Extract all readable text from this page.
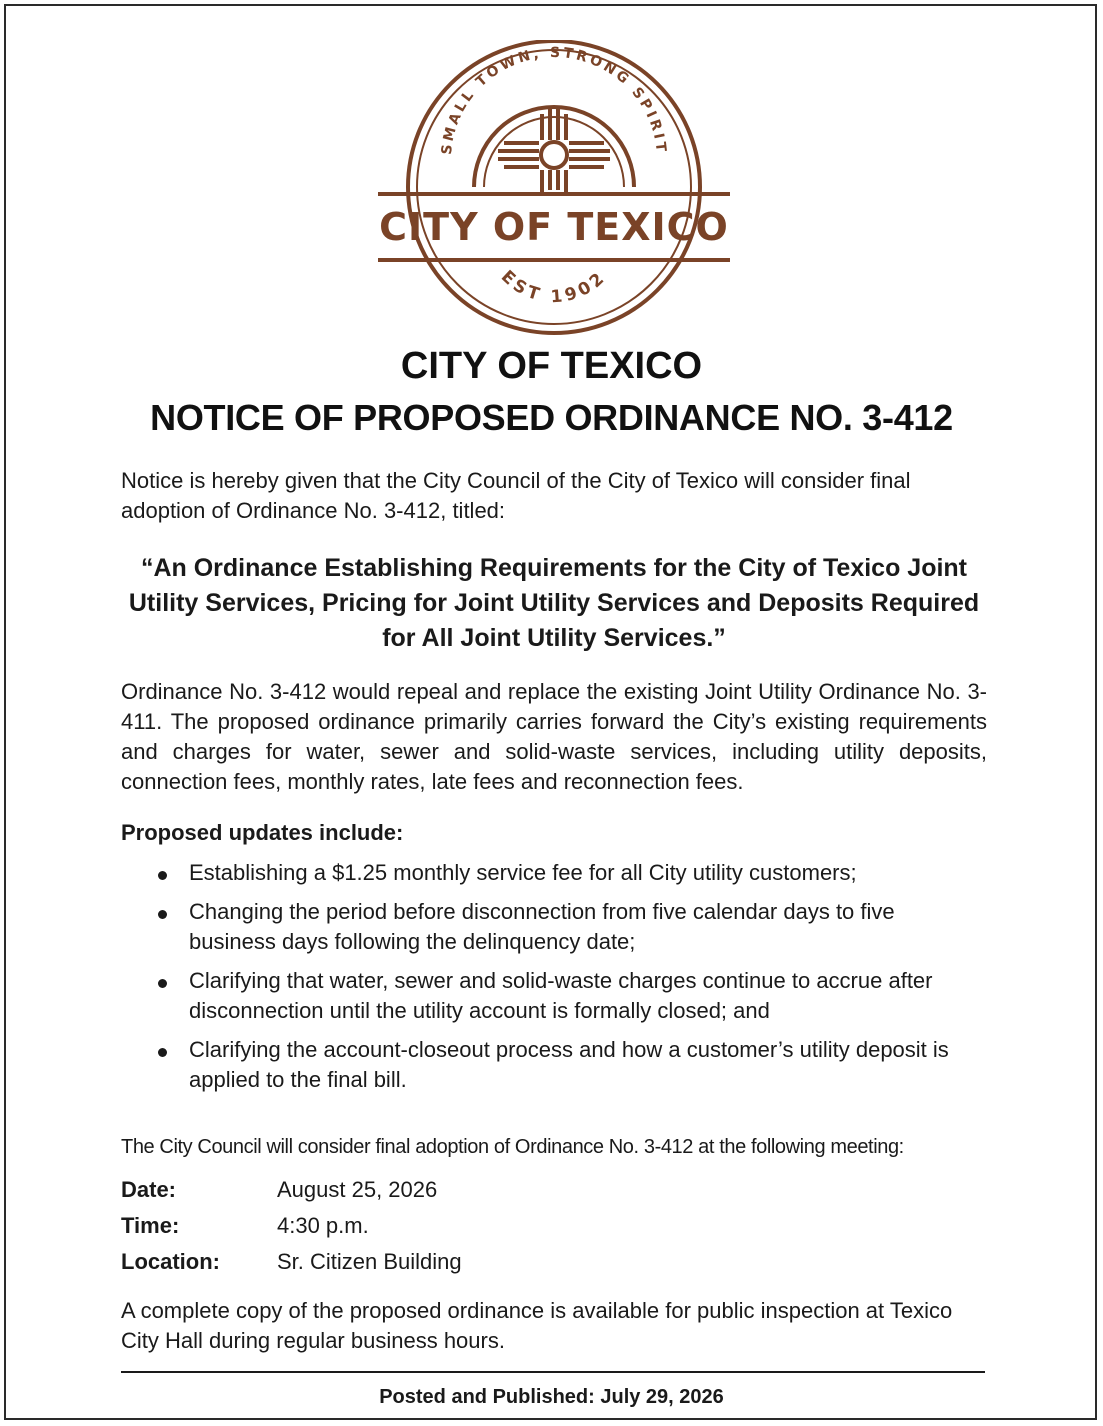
SMALL TOWN, STRONG SPIRIT
CITY OF TEXICO
EST 1902
CITY OF TEXICO
NOTICE OF PROPOSED ORDINANCE NO. 3-412

Notice is hereby given that the City Council of the City of Texico will consider final adoption of Ordinance No. 3-412, titled:

“An Ordinance Establishing Requirements for the City of Texico Joint Utility Services, Pricing for Joint Utility Services and Deposits Required for All Joint Utility Services.”

Ordinance No. 3-412 would repeal and replace the existing Joint Utility Ordinance No. 3-411. The proposed ordinance primarily carries forward the City’s existing requirements and charges for water, sewer and solid-waste services, including utility deposits, connection fees, monthly rates, late fees and reconnection fees.

Proposed updates include:

Establishing a $1.25 monthly service fee for all City utility customers;
Changing the period before disconnection from five calendar days to five business days following the delinquency date;
Clarifying that water, sewer and solid-waste charges continue to accrue after disconnection until the utility account is formally closed; and
Clarifying the account-closeout process and how a customer’s utility deposit is applied to the final bill.

The City Council will consider final adoption of Ordinance No. 3-412 at the following meeting:

Date:	August 25, 2026
Time:	4:30 p.m.
Location:	Sr. Citizen Building

A complete copy of the proposed ordinance is available for public inspection at Texico City Hall during regular business hours.

Posted and Published: July 29, 2026
